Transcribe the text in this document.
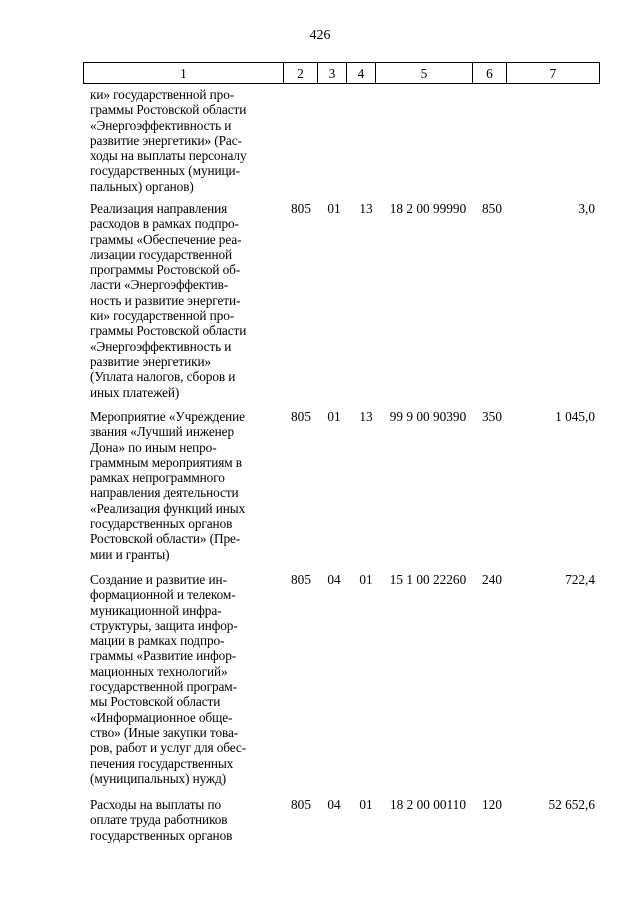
426
1	2	3	4	5	6	7

ки» государственной про-

граммы Ростовской области

«Энергоэффективность и

развитие энергетики» (Рас-

ходы на выплаты персоналу

государственных (муници-

пальных) органов)

Реализация направления

расходов в рамках подпро-

граммы «Обеспечение реа-

лизации государственной

программы Ростовской об-

ласти «Энергоэффектив-

ность и развитие энергети-

ки» государственной про-

граммы Ростовской области

«Энергоэффективность и

развитие энергетики»

(Уплата налогов, сборов и

иных платежей)

805	01	13	18 2 00 99990	850	3,0

Мероприятие «Учреждение

звания «Лучший инженер

Дона» по иным непро-

граммным мероприятиям в

рамках непрограммного

направления деятельности

«Реализация функций иных

государственных органов

Ростовской области» (Пре-

мии и гранты)

805	01	13	99 9 00 90390	350	1 045,0

Создание и развитие ин-

формационной и телеком-

муникационной инфра-

структуры, защита инфор-

мации в рамках подпро-

граммы «Развитие инфор-

мационных технологий»

государственной програм-

мы Ростовской области

«Информационное обще-

ство» (Иные закупки това-

ров, работ и услуг для обес-

печения государственных

(муниципальных) нужд)

805	04	01	15 1 00 22260	240	722,4

Расходы на выплаты по

оплате труда работников

государственных органов

805	04	01	18 2 00 00110	120	52 652,6
